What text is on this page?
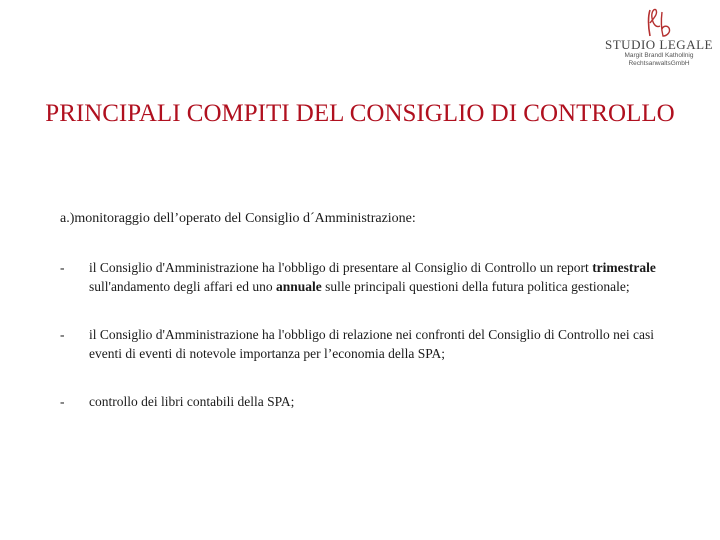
STUDIO LEGALE
Margit Brandl Kathollnig
RechtsanwaltsGmbH
PRINCIPALI COMPITI DEL CONSIGLIO DI CONTROLLO

a.)monitoraggio dell’operato del Consiglio d´Amministrazione:

- il Consiglio d'Amministrazione ha l'obbligo di presentare al Consiglio di Controllo un report trimestrale sull'andamento degli affari ed uno annuale sulle principali questioni della futura politica gestionale;
- il Consiglio d'Amministrazione ha l'obbligo di relazione nei confronti del Consiglio di Controllo nei casi eventi di eventi di notevole importanza per l’economia della SPA;
- controllo dei libri contabili della SPA;
